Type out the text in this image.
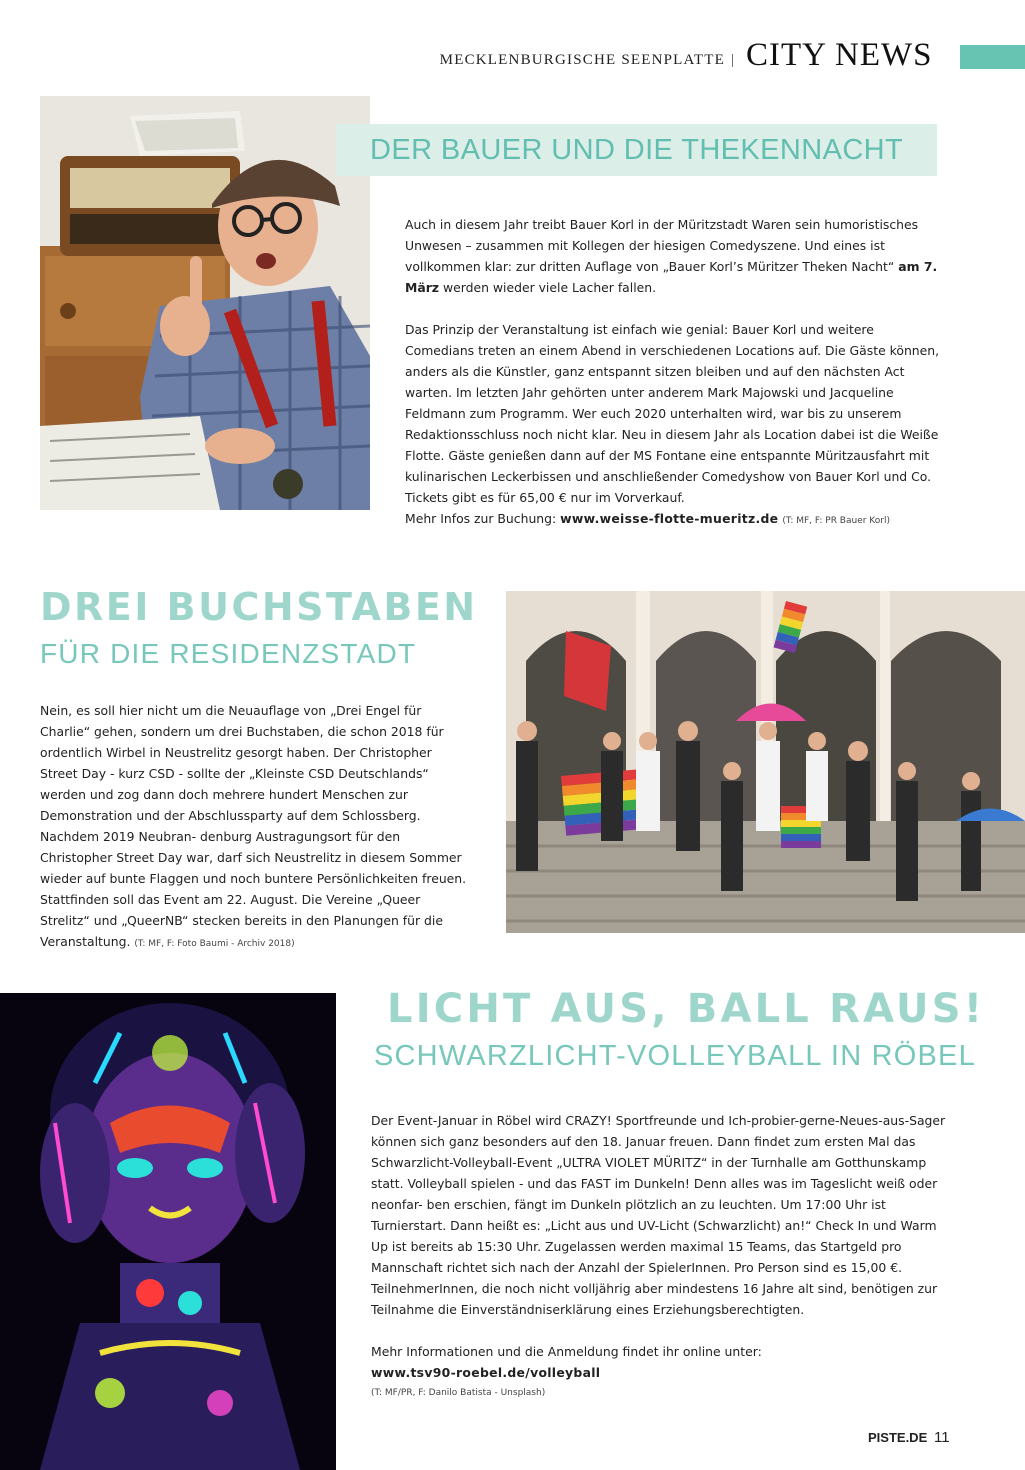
MECKLENBURGISCHE SEENPLATTE | CITY NEWS
DER BAUER UND DIE THEKENNACHT

Auch in diesem Jahr treibt Bauer Korl in der Müritzstadt Waren sein humoristisches Unwesen – zusammen mit Kollegen der hiesigen Comedyszene. Und eines ist vollkommen klar: zur dritten Auflage von „Bauer Korl’s Müritzer Theken Nacht“ am 7. März werden wieder viele Lacher fallen.

Das Prinzip der Veranstaltung ist einfach wie genial: Bauer Korl und weitere Comedians treten an einem Abend in verschiedenen Locations auf. Die Gäste können, anders als die Künstler, ganz entspannt sitzen bleiben und auf den nächsten Act warten. Im letzten Jahr gehörten unter anderem Mark Majowski und Jacqueline Feldmann zum Programm. Wer euch 2020 unterhalten wird, war bis zu unserem Redaktionsschluss noch nicht klar. Neu in diesem Jahr als Location dabei ist die Weiße Flotte. Gäste genießen dann auf der MS Fontane eine entspannte Müritzausfahrt mit kulinarischen Leckerbissen und anschließender Comedyshow von Bauer Korl und Co. Tickets gibt es für 65,00 € nur im Vorverkauf.

Mehr Infos zur Buchung: www.weisse-flotte-mueritz.de (T: MF, F: PR Bauer Korl)

DREI BUCHSTABEN
FÜR DIE RESIDENZSTADT

Nein, es soll hier nicht um die Neuauflage von „Drei Engel für Charlie“ gehen, sondern um drei Buchstaben, die schon 2018 für ordentlich Wirbel in Neustrelitz gesorgt haben. Der Christopher Street Day - kurz CSD - sollte der „Kleinste CSD Deutschlands“ werden und zog dann doch mehrere hundert Menschen zur Demonstration und der Abschlussparty auf dem Schlossberg. Nachdem 2019 Neubran- denburg Austragungsort für den Christopher Street Day war, darf sich Neustrelitz in diesem Sommer wieder auf bunte Flaggen und noch buntere Persönlichkeiten freuen. Stattfinden soll das Event am 22. August. Die Vereine „Queer Strelitz“ und „QueerNB“ stecken bereits in den Planungen für die Veranstaltung. (T: MF, F: Foto Baumi - Archiv 2018)

LICHT AUS, BALL RAUS!
SCHWARZLICHT-VOLLEYBALL IN RÖBEL

Der Event-Januar in Röbel wird CRAZY! Sportfreunde und Ich-probier-gerne-Neues-aus-Sager können sich ganz besonders auf den 18. Januar freuen. Dann findet zum ersten Mal das Schwarzlicht-Volleyball-Event „ULTRA VIOLET MÜRITZ“ in der Turnhalle am Gotthunskamp statt. Volleyball spielen - und das FAST im Dunkeln! Denn alles was im Tageslicht weiß oder neonfar- ben erschien, fängt im Dunkeln plötzlich an zu leuchten. Um 17:00 Uhr ist Turnierstart. Dann heißt es: „Licht aus und UV-Licht (Schwarzlicht) an!“ Check In und Warm Up ist bereits ab 15:30 Uhr. Zugelassen werden maximal 15 Teams, das Startgeld pro Mannschaft richtet sich nach der Anzahl der SpielerInnen. Pro Person sind es 15,00 €. TeilnehmerInnen, die noch nicht volljährig aber mindestens 16 Jahre alt sind, benötigen zur Teilnahme die Einverständniserklärung eines Erziehungsberechtigten.

Mehr Informationen und die Anmeldung findet ihr online unter:

www.tsv90-roebel.de/volleyball

(T: MF/PR, F: Danilo Batista - Unsplash)

PISTE.DE 11
